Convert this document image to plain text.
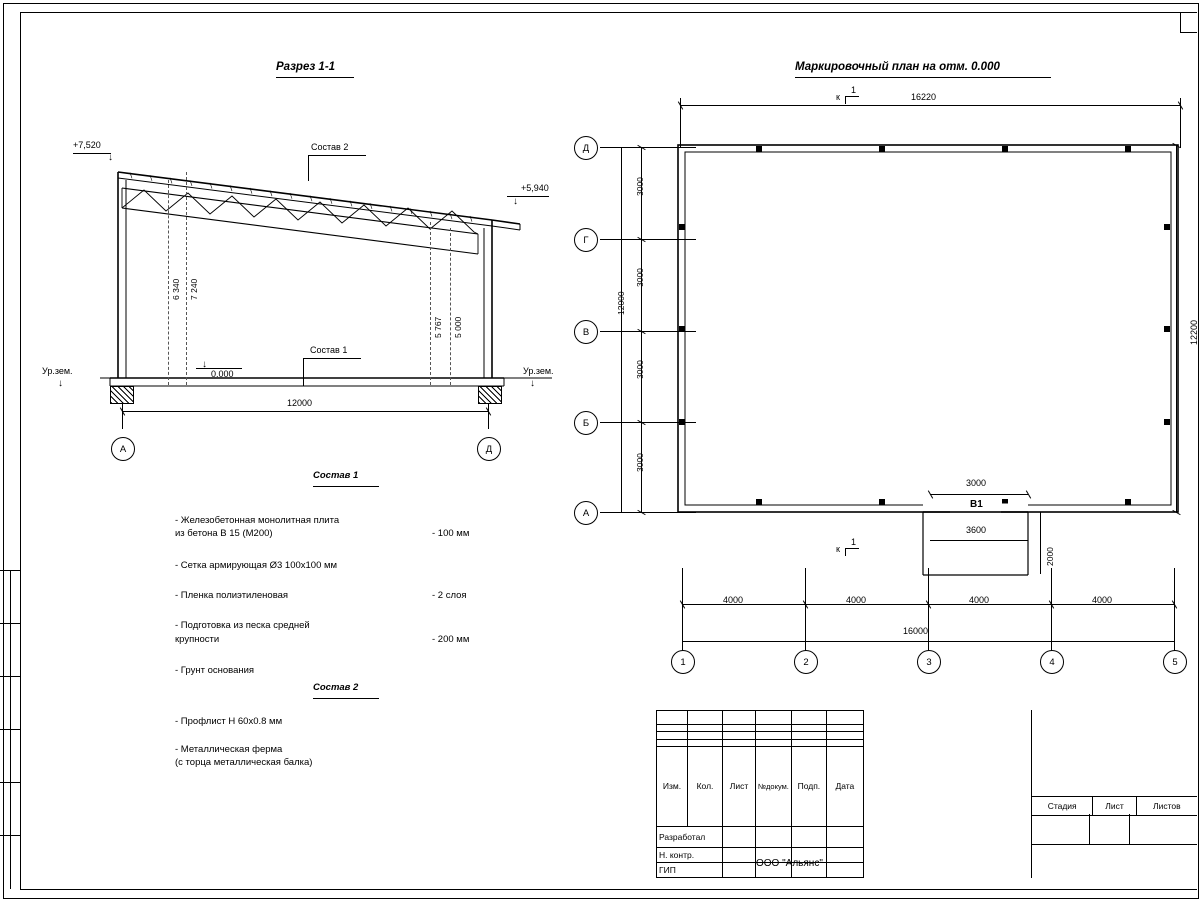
Разрез 1-1
+7,520
↓
+5,940
↓
Ур.зем.
↓
Ур.зем.
↓
0.000
↓
Состав 2
Состав 1
6 340 7 240
5 767 5 000
12000
А	Д
Состав 1
- Железобетонная монолитная плита
из бетона В 15 (М200)	- 100 мм
- Сетка армирующая Ø3 100х100 мм
- Пленка полиэтиленовая	- 2 слоя
- Подготовка из песка средней
крупности	- 200 мм
- Грунт основания
Состав 2
- Профлист Н 60х0.8 мм
- Металлическая ферма
(с торца металлическая балка)
Маркировочный план на отм. 0.000
16220
к
1
к
1
12200
3000
3000
3000
3000
12000
Д
Г
В
Б
А
4000	4000	4000	4000
16000
1	2	3	4	5
3000
В1
3600
2000

Изм.	Кол.	Лист	№докум.	Подп.	Дата	
Разработал						
Н. контр.						
ГИП						
Стадия	Лист	Листов
ООО "Альянс"
